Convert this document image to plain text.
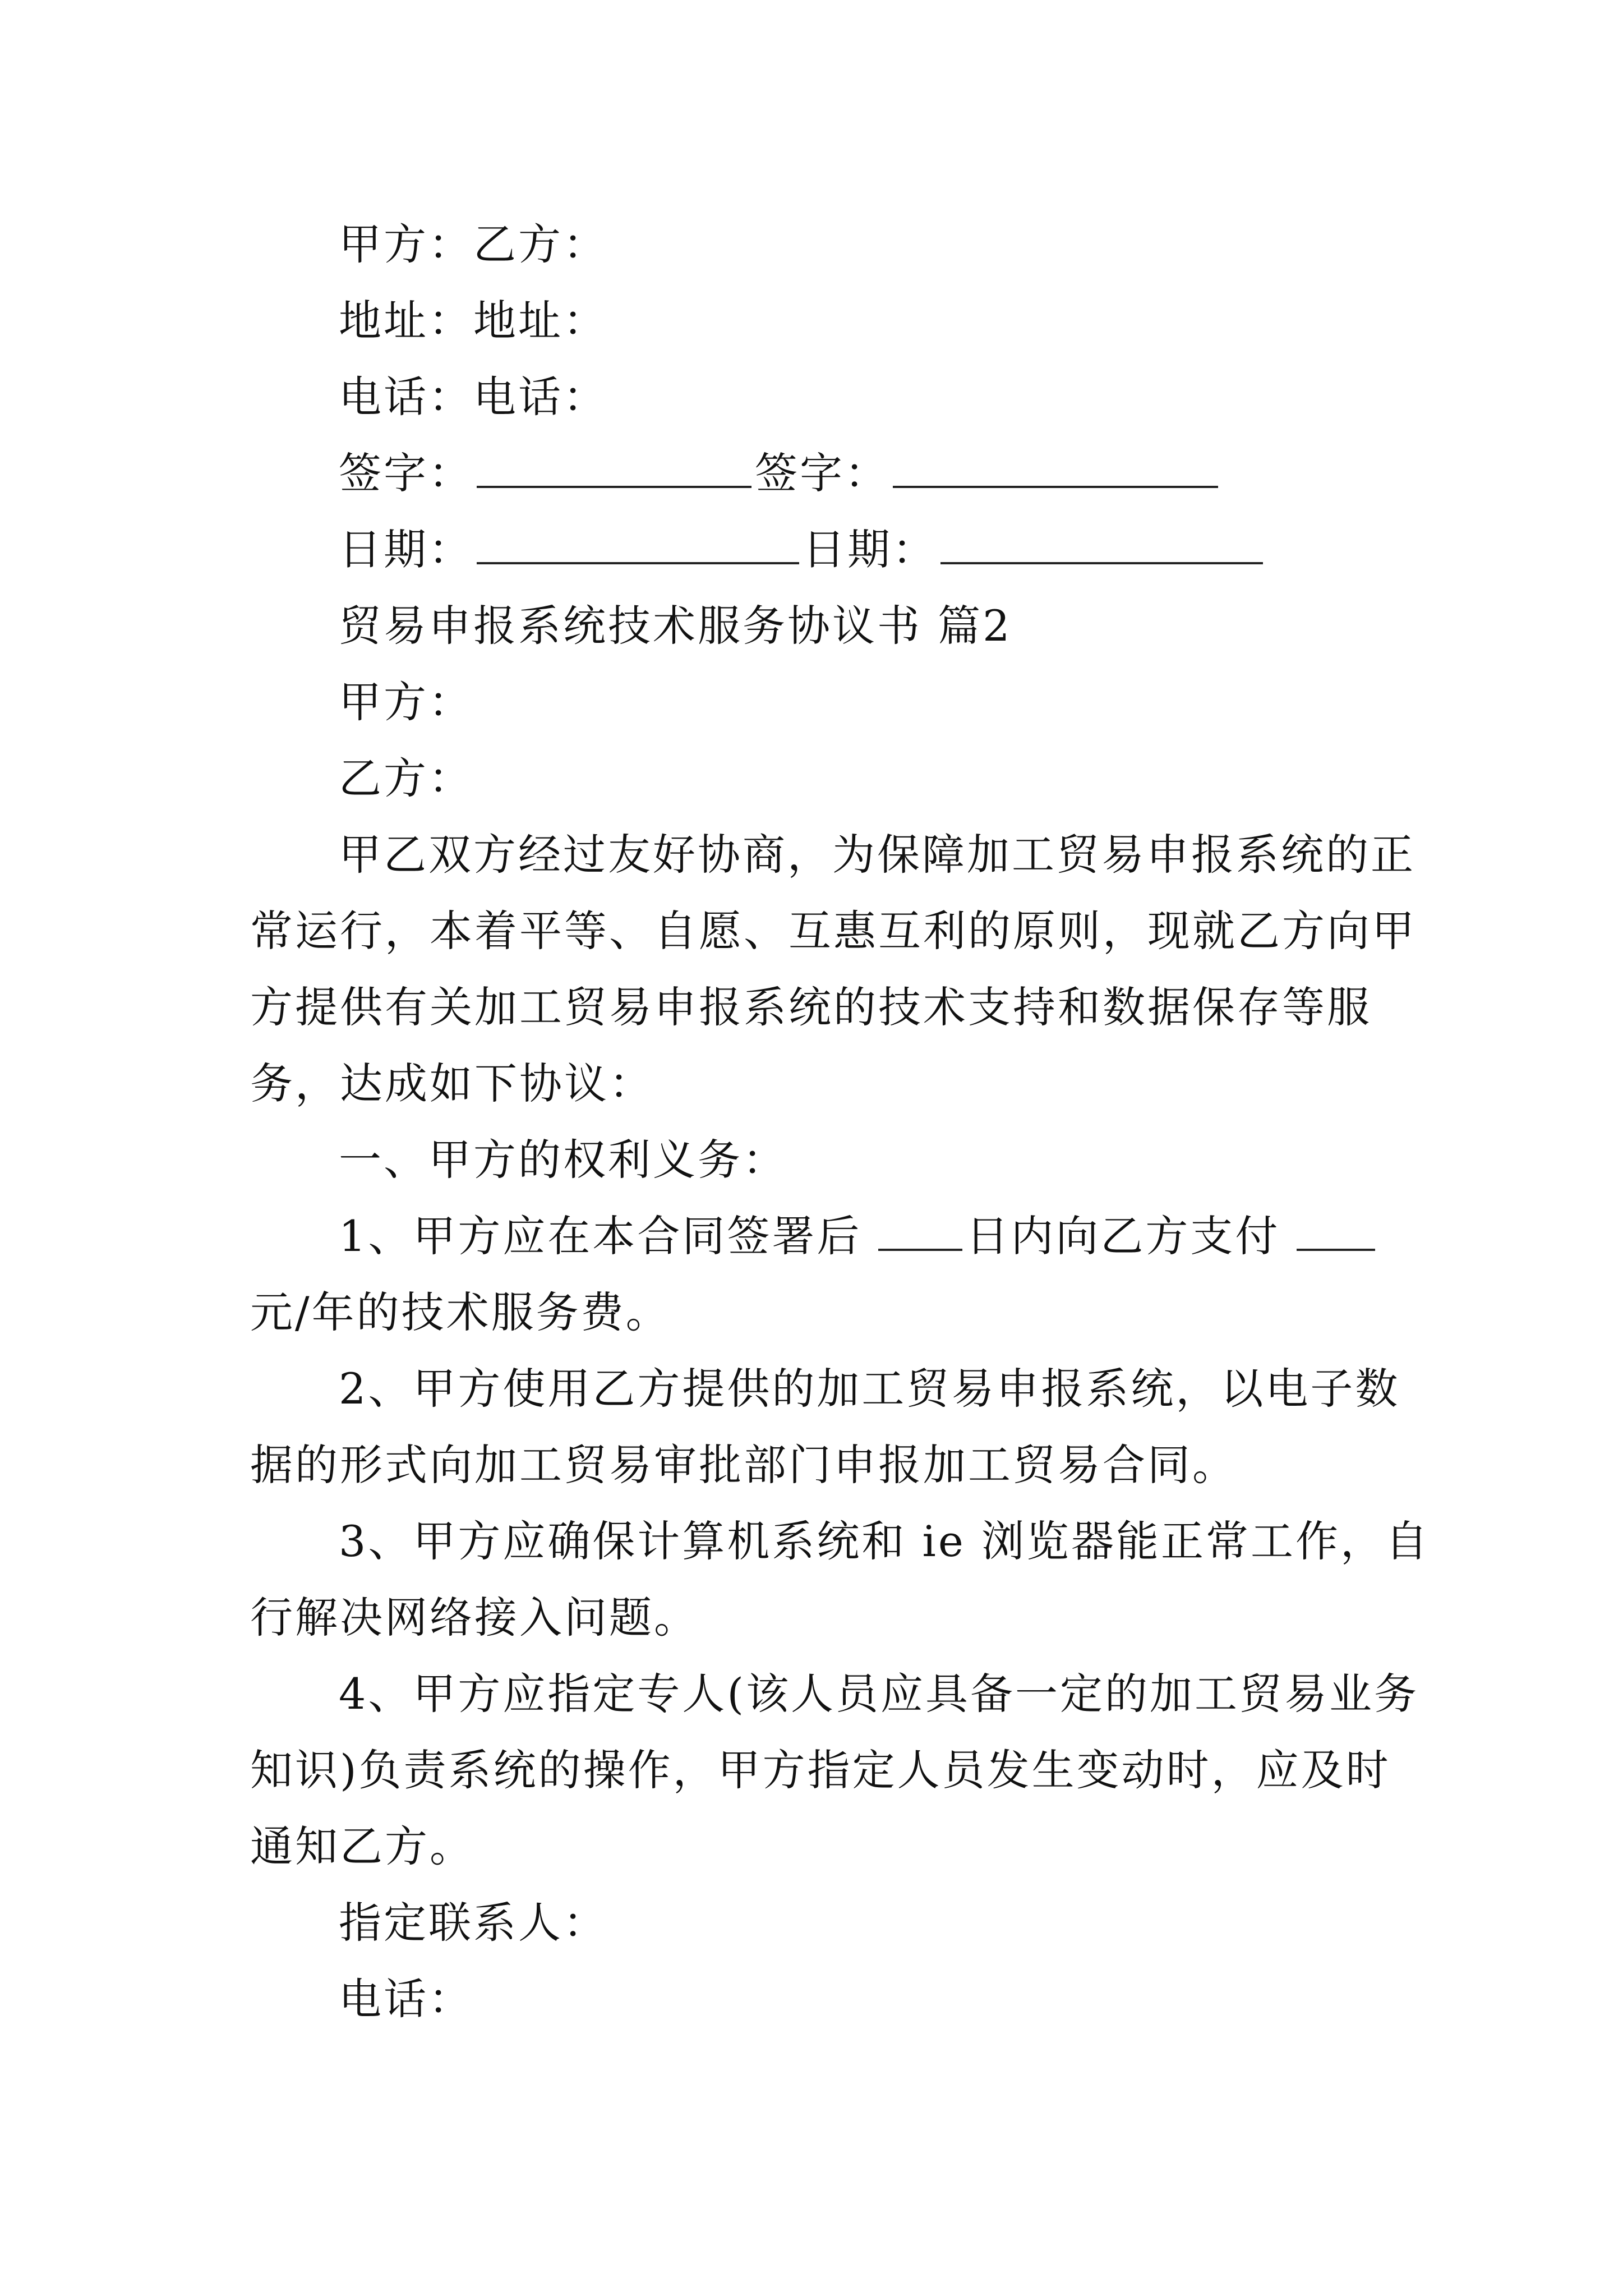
甲方：乙方：
地址：地址：
电话：电话：
签字：	签字：
日期：	日期：
贸易申报系统技术服务协议书 篇2
甲方：
乙方：
甲乙双方经过友好协商，为保障加工贸易申报系统的正
常运行，本着平等、自愿、互惠互利的原则，现就乙方向甲
方提供有关加工贸易申报系统的技术支持和数据保存等服
务，达成如下协议：
一、甲方的权利义务：
1、甲方应在本合同签署后 日内向乙方支付
元/年的技术服务费。
2、甲方使用乙方提供的加工贸易申报系统，以电子数
据的形式向加工贸易审批部门申报加工贸易合同。
3、甲方应确保计算机系统和 ie 浏览器能正常工作，自
行解决网络接入问题。
4、甲方应指定专人(该人员应具备一定的加工贸易业务
知识)负责系统的操作，甲方指定人员发生变动时，应及时
通知乙方。
指定联系人：
电话：
